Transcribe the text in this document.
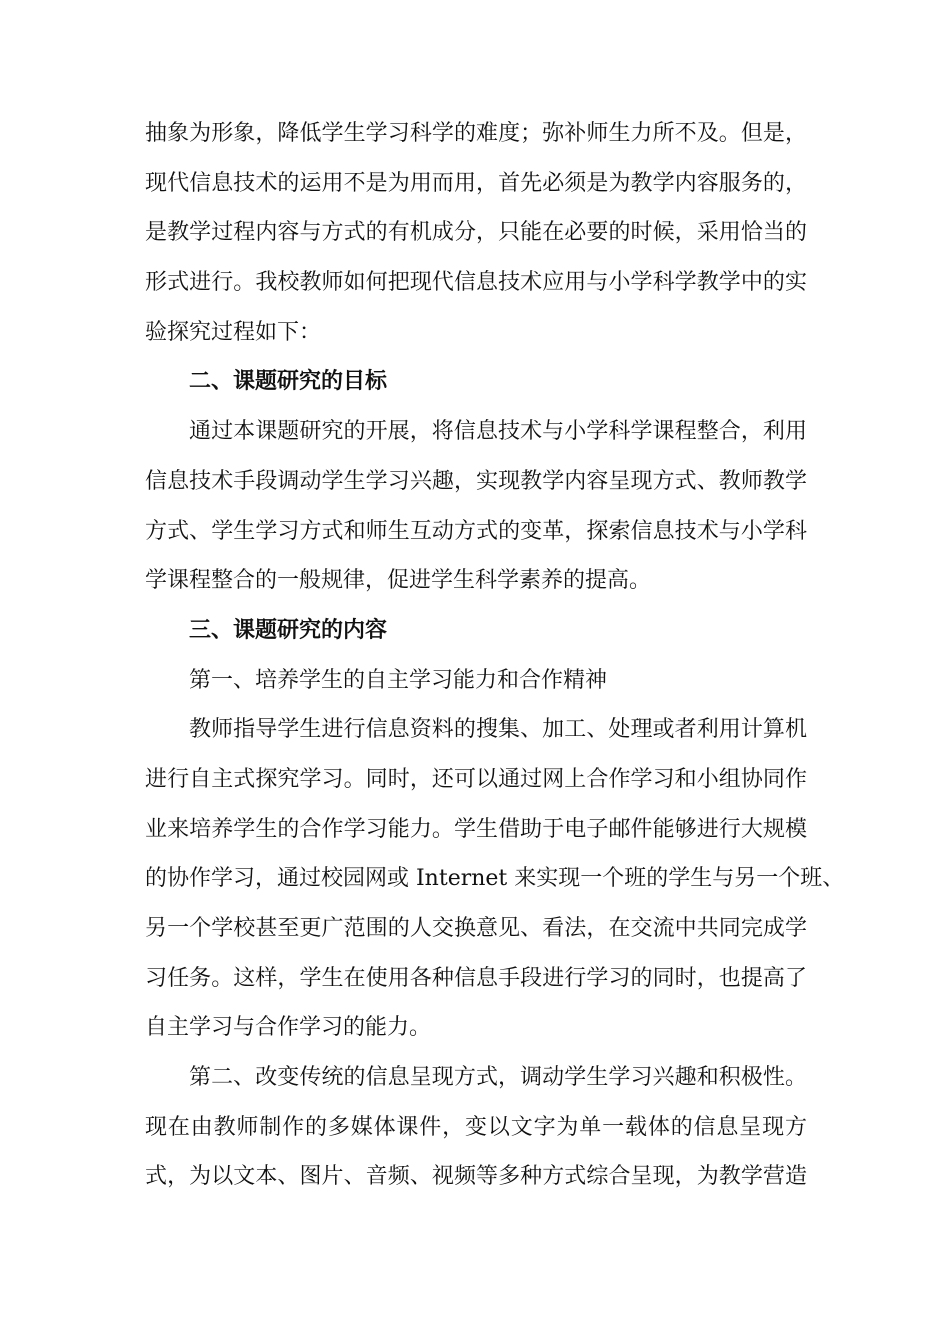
抽象为形象，降低学生学习科学的难度；弥补师生力所不及。但是，
现代信息技术的运用不是为用而用，首先必须是为教学内容服务的，
是教学过程内容与方式的有机成分，只能在必要的时候，采用恰当的
形式进行。我校教师如何把现代信息技术应用与小学科学教学中的实
验探究过程如下：
二、课题研究的目标
通过本课题研究的开展，将信息技术与小学科学课程整合，利用
信息技术手段调动学生学习兴趣，实现教学内容呈现方式、教师教学
方式、学生学习方式和师生互动方式的变革，探索信息技术与小学科
学课程整合的一般规律，促进学生科学素养的提高。
三、课题研究的内容
第一、培养学生的自主学习能力和合作精神
教师指导学生进行信息资料的搜集、加工、处理或者利用计算机
进行自主式探究学习。同时，还可以通过网上合作学习和小组协同作
业来培养学生的合作学习能力。学生借助于电子邮件能够进行大规模
的协作学习，通过校园网或 Internet 来实现一个班的学生与另一个班、
另一个学校甚至更广范围的人交换意见、看法，在交流中共同完成学
习任务。这样，学生在使用各种信息手段进行学习的同时，也提高了
自主学习与合作学习的能力。
第二、改变传统的信息呈现方式，调动学生学习兴趣和积极性。
现在由教师制作的多媒体课件，变以文字为单一载体的信息呈现方
式，为以文本、图片、音频、视频等多种方式综合呈现，为教学营造
